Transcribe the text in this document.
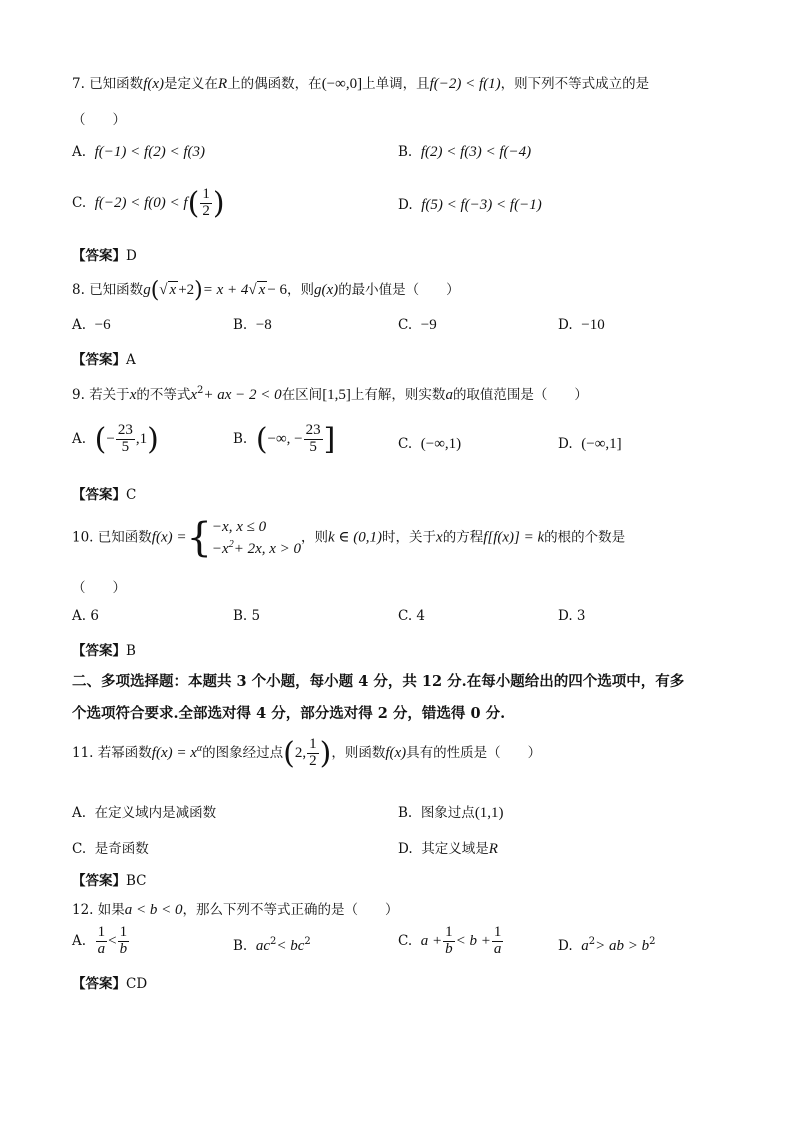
7. 已知函数f(x)是定义在R上的偶函数，在(−∞,0]上单调，且f(−2) < f(1)，则下列不等式成立的是
（　　）
A. f(−1) < f(2) < f(3)	B. f(2) < f(3) < f(−4)
C. $f(-2) < f(0) < f( \frac{1}{2}$ )	D. f(5) < f(−3) < f(−1)
【答案】D
8. 已知函数g(√ x +2)= x + 4√ x − 6，则g(x)的最小值是（　　）
A. −6	B. −8	C. −9	D. −10
【答案】A
9. 若关于x的不等式$x^2+$ ax − 2 < 0在区间[1,5]上有解，则实数a的取值范围是（　　）
A. (− $\frac{23}{5} ,1$)	B. (−∞, − $\frac{23}{5}$ ]	C. (−∞,1)	D. (−∞,1]
【答案】C
10. 已知函数f(x) ={ −x, x ≤ 0
$-x^2+ 2x$, x > 0
，则k ∈ (0,1)时，关于x的方程f[f(x)] = k的根的个数是
（　　）
A. 6	B. 5	C. 4	D. 3
【答案】B
二、多项选择题：本题共 3 个小题，每小题 4 分，共 12 分.在每小题给出的四个选项中，有多
个选项符合要求.全部选对得 4 分，部分选对得 2 分，错选得 0 分.
11. 若幂函数$f(x) = x^\alpha$的图象经过点(2, $\frac{1}{2}$ )，则函数f(x)具有的性质是（　　）
A. 在定义域内是减函数	B. 图象过点(1,1)
C. 是奇函数	D. 其定义域是R
【答案】BC
12. 如果a < b < 0，那么下列不等式正确的是（　　）
A. $\frac{1}{a} < \frac{1}{b}$	B. $ac^2< bc^2$	C. $a + \frac{1}{b} < b + \frac{1}{a}$	D. $a^2>$ ab > $b^2$
【答案】CD
